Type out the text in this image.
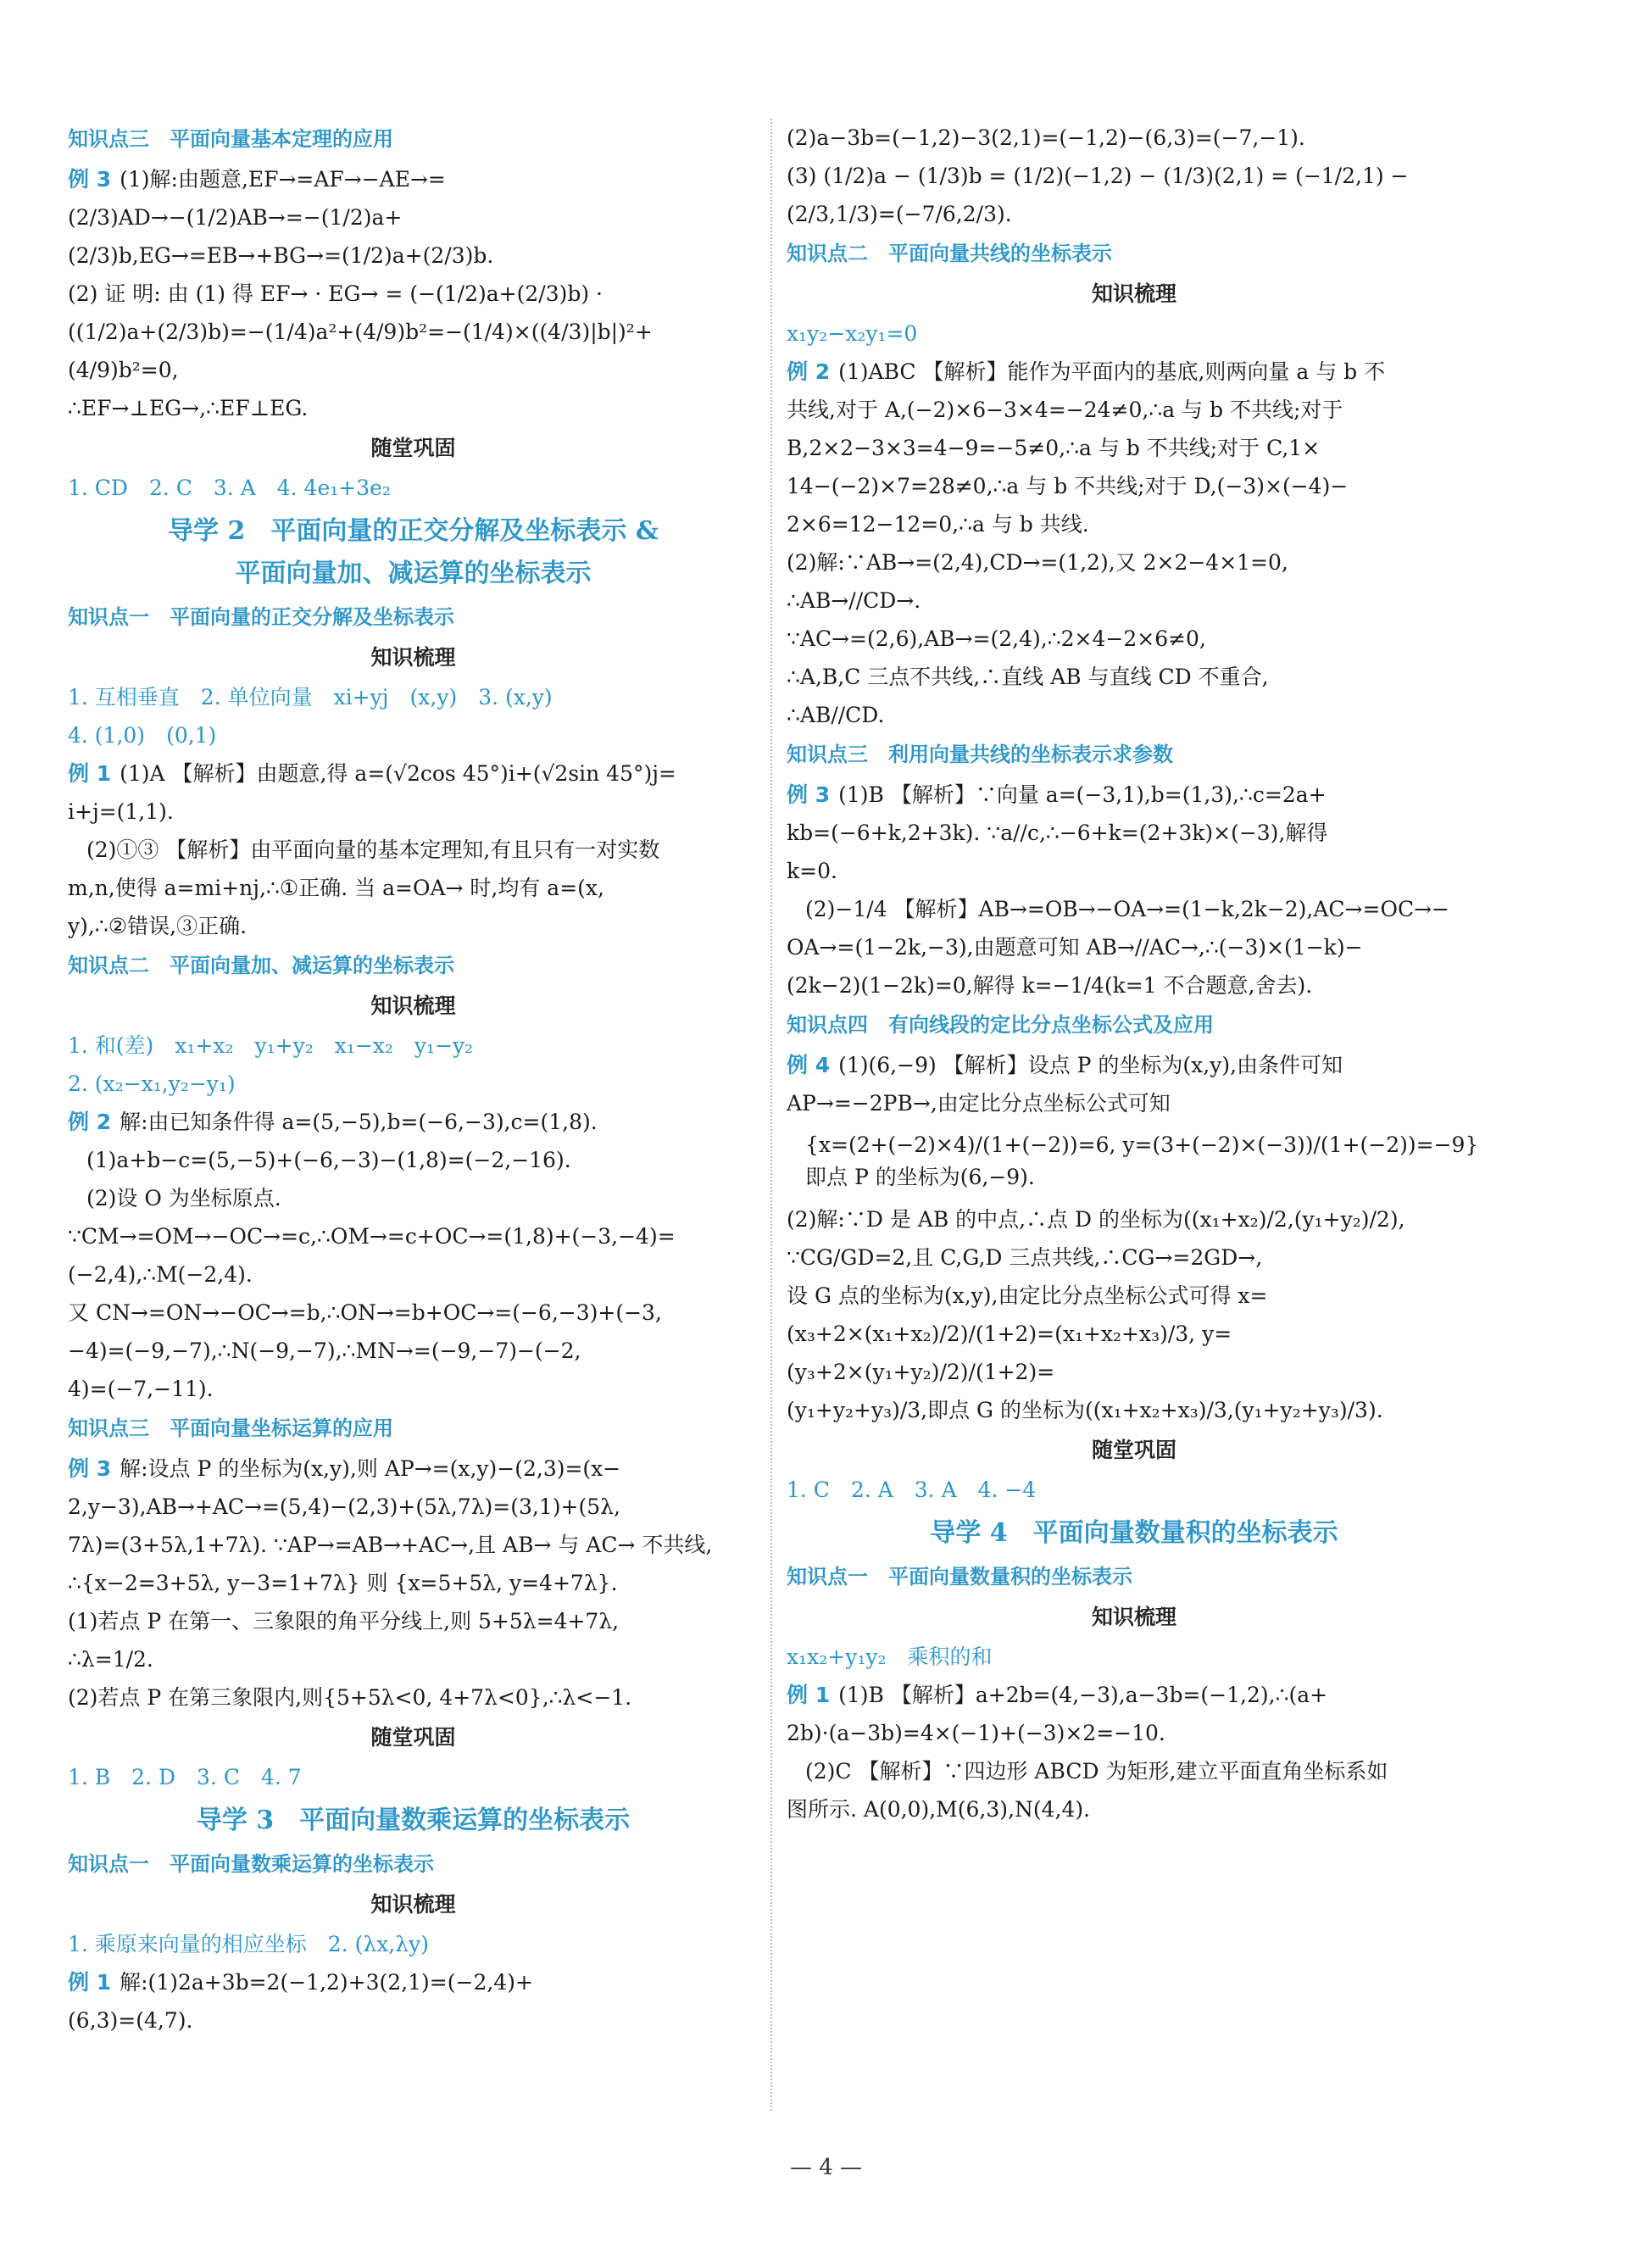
知识点三　平面向量基本定理的应用

例 3 (1)解:由题意,EF→=AF→−AE→=(2/3)AD→−(1/2)AB→=−(1/2)a+

(2/3)b,EG→=EB→+BG→=(1/2)a+(2/3)b.

(2) 证 明: 由 (1) 得 EF→ · EG→ = (−(1/2)a+(2/3)b) ·

((1/2)a+(2/3)b)=−(1/4)a²+(4/9)b²=−(1/4)×((4/3)|b|)²+(4/9)b²=0,

∴EF→⊥EG→,∴EF⊥EG.

随堂巩固

1. CD　2. C　3. A　4. 4e₁+3e₂

导学 2　平面向量的正交分解及坐标表示 &
平面向量加、减运算的坐标表示
知识点一　平面向量的正交分解及坐标表示
知识梳理

1. 互相垂直　2. 单位向量　xi+yj　(x,y)　3. (x,y)

4. (1,0)　(0,1)

例 1 (1)A 【解析】由题意,得 a=(√2cos 45°)i+(√2sin 45°)j=

i+j=(1,1).

(2)①③ 【解析】由平面向量的基本定理知,有且只有一对实数

m,n,使得 a=mi+nj,∴①正确. 当 a=OA→ 时,均有 a=(x,

y),∴②错误,③正确.

知识点二　平面向量加、减运算的坐标表示
知识梳理

1. 和(差)　x₁+x₂　y₁+y₂　x₁−x₂　y₁−y₂

2. (x₂−x₁,y₂−y₁)

例 2 解:由已知条件得 a=(5,−5),b=(−6,−3),c=(1,8).

(1)a+b−c=(5,−5)+(−6,−3)−(1,8)=(−2,−16).

(2)设 O 为坐标原点.

∵CM→=OM→−OC→=c,∴OM→=c+OC→=(1,8)+(−3,−4)=

(−2,4),∴M(−2,4).

又 CN→=ON→−OC→=b,∴ON→=b+OC→=(−6,−3)+(−3,

−4)=(−9,−7),∴N(−9,−7),∴MN→=(−9,−7)−(−2,

4)=(−7,−11).

知识点三　平面向量坐标运算的应用

例 3 解:设点 P 的坐标为(x,y),则 AP→=(x,y)−(2,3)=(x−

2,y−3),AB→+AC→=(5,4)−(2,3)+(5λ,7λ)=(3,1)+(5λ,

7λ)=(3+5λ,1+7λ). ∵AP→=AB→+AC→,且 AB→ 与 AC→ 不共线,

∴{x−2=3+5λ, y−3=1+7λ} 则 {x=5+5λ, y=4+7λ}.

(1)若点 P 在第一、三象限的角平分线上,则 5+5λ=4+7λ,

∴λ=1/2.

(2)若点 P 在第三象限内,则{5+5λ<0, 4+7λ<0},∴λ<−1.

随堂巩固

1. B　2. D　3. C　4. 7

导学 3　平面向量数乘运算的坐标表示
知识点一　平面向量数乘运算的坐标表示
知识梳理

1. 乘原来向量的相应坐标　2. (λx,λy)

例 1 解:(1)2a+3b=2(−1,2)+3(2,1)=(−2,4)+

(6,3)=(4,7).

(2)a−3b=(−1,2)−3(2,1)=(−1,2)−(6,3)=(−7,−1).

(3) (1/2)a − (1/3)b = (1/2)(−1,2) − (1/3)(2,1) = (−1/2,1) −

(2/3,1/3)=(−7/6,2/3).

知识点二　平面向量共线的坐标表示
知识梳理

x₁y₂−x₂y₁=0

例 2 (1)ABC 【解析】能作为平面内的基底,则两向量 a 与 b 不

共线,对于 A,(−2)×6−3×4=−24≠0,∴a 与 b 不共线;对于

B,2×2−3×3=4−9=−5≠0,∴a 与 b 不共线;对于 C,1×

14−(−2)×7=28≠0,∴a 与 b 不共线;对于 D,(−3)×(−4)−

2×6=12−12=0,∴a 与 b 共线.

(2)解:∵AB→=(2,4),CD→=(1,2),又 2×2−4×1=0,

∴AB→//CD→.

∵AC→=(2,6),AB→=(2,4),∴2×4−2×6≠0,

∴A,B,C 三点不共线,∴直线 AB 与直线 CD 不重合,

∴AB//CD.

知识点三　利用向量共线的坐标表示求参数

例 3 (1)B 【解析】∵向量 a=(−3,1),b=(1,3),∴c=2a+

kb=(−6+k,2+3k). ∵a//c,∴−6+k=(2+3k)×(−3),解得

k=0.

(2)−1/4 【解析】AB→=OB→−OA→=(1−k,2k−2),AC→=OC→−

OA→=(1−2k,−3),由题意可知 AB→//AC→,∴(−3)×(1−k)−

(2k−2)(1−2k)=0,解得 k=−1/4(k=1 不合题意,舍去).

知识点四　有向线段的定比分点坐标公式及应用

例 4 (1)(6,−9) 【解析】设点 P 的坐标为(x,y),由条件可知

AP→=−2PB→,由定比分点坐标公式可知

{x=(2+(−2)×4)/(1+(−2))=6, y=(3+(−2)×(−3))/(1+(−2))=−9}　即点 P 的坐标为(6,−9).

(2)解:∵D 是 AB 的中点,∴点 D 的坐标为((x₁+x₂)/2,(y₁+y₂)/2),

∵CG/GD=2,且 C,G,D 三点共线,∴CG→=2GD→,

设 G 点的坐标为(x,y),由定比分点坐标公式可得 x=

(x₃+2×(x₁+x₂)/2)/(1+2)=(x₁+x₂+x₃)/3, y=(y₃+2×(y₁+y₂)/2)/(1+2)=

(y₁+y₂+y₃)/3,即点 G 的坐标为((x₁+x₂+x₃)/3,(y₁+y₂+y₃)/3).

随堂巩固

1. C　2. A　3. A　4. −4

导学 4　平面向量数量积的坐标表示
知识点一　平面向量数量积的坐标表示
知识梳理

x₁x₂+y₁y₂　乘积的和

例 1 (1)B 【解析】a+2b=(4,−3),a−3b=(−1,2),∴(a+

2b)·(a−3b)=4×(−1)+(−3)×2=−10.

(2)C 【解析】∵四边形 ABCD 为矩形,建立平面直角坐标系如

图所示. A(0,0),M(6,3),N(4,4).

— 4 —
